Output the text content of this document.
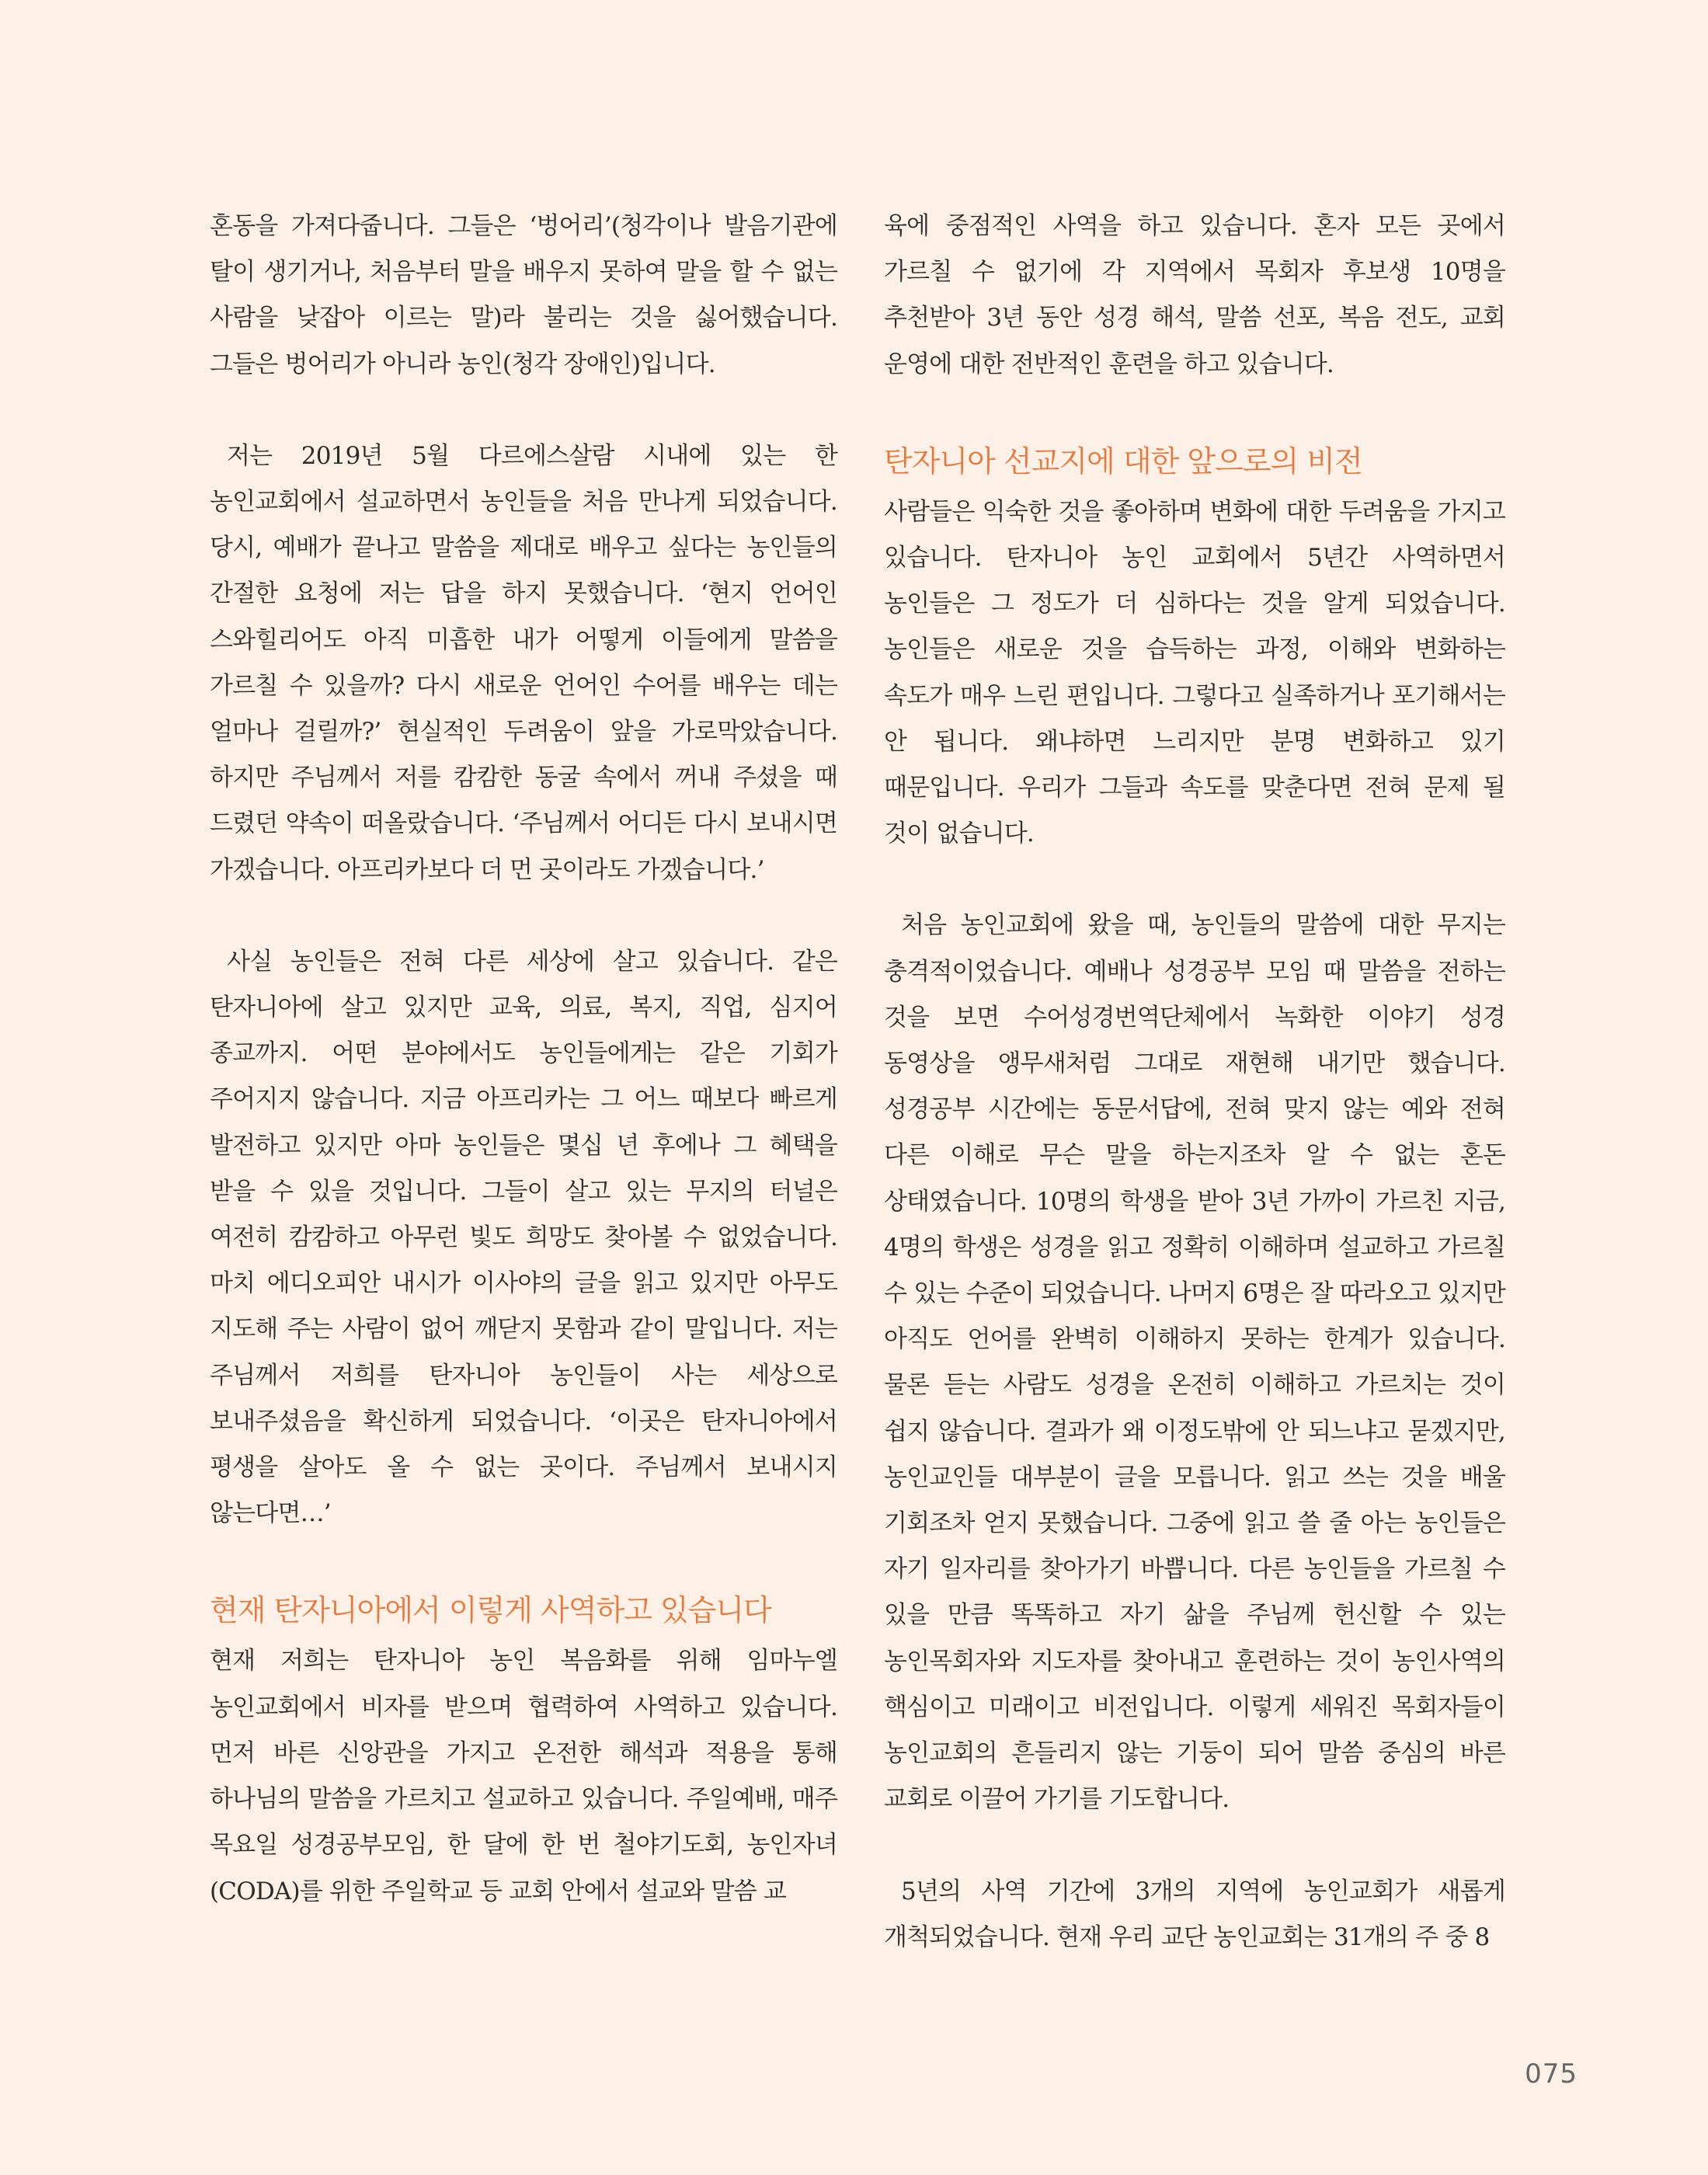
혼동을 가져다줍니다. 그들은 ‘벙어리’(청각이나 발음기관에 탈이 생기거나, 처음부터 말을 배우지 못하여 말을 할 수 없는 사람을 낮잡아 이르는 말)라 불리는 것을 싫어했습니다. 그들은 벙어리가 아니라 농인(청각 장애인)입니다.

저는 2019년 5월 다르에스살람 시내에 있는 한 농인교회에서 설교하면서 농인들을 처음 만나게 되었습니다. 당시, 예배가 끝나고 말씀을 제대로 배우고 싶다는 농인들의 간절한 요청에 저는 답을 하지 못했습니다. ‘현지 언어인 스와힐리어도 아직 미흡한 내가 어떻게 이들에게 말씀을 가르칠 수 있을까? 다시 새로운 언어인 수어를 배우는 데는 얼마나 걸릴까?’ 현실적인 두려움이 앞을 가로막았습니다. 하지만 주님께서 저를 캄캄한 동굴 속에서 꺼내 주셨을 때 드렸던 약속이 떠올랐습니다. ‘주님께서 어디든 다시 보내시면 가겠습니다. 아프리카보다 더 먼 곳이라도 가겠습니다.’

사실 농인들은 전혀 다른 세상에 살고 있습니다. 같은 탄자니아에 살고 있지만 교육, 의료, 복지, 직업, 심지어 종교까지. 어떤 분야에서도 농인들에게는 같은 기회가 주어지지 않습니다. 지금 아프리카는 그 어느 때보다 빠르게 발전하고 있지만 아마 농인들은 몇십 년 후에나 그 혜택을 받을 수 있을 것입니다. 그들이 살고 있는 무지의 터널은 여전히 캄캄하고 아무런 빛도 희망도 찾아볼 수 없었습니다. 마치 에디오피안 내시가 이사야의 글을 읽고 있지만 아무도 지도해 주는 사람이 없어 깨닫지 못함과 같이 말입니다. 저는 주님께서 저희를 탄자니아 농인들이 사는 세상으로 보내주셨음을 확신하게 되었습니다. ‘이곳은 탄자니아에서 평생을 살아도 올 수 없는 곳이다. 주님께서 보내시지 않는다면…’

현재 탄자니아에서 이렇게 사역하고 있습니다

현재 저희는 탄자니아 농인 복음화를 위해 임마누엘 농인교회에서 비자를 받으며 협력하여 사역하고 있습니다. 먼저 바른 신앙관을 가지고 온전한 해석과 적용을 통해 하나님의 말씀을 가르치고 설교하고 있습니다. 주일예배, 매주 목요일 성경공부모임, 한 달에 한 번 철야기도회, 농인자녀(CODA)를 위한 주일학교 등 교회 안에서 설교와 말씀 교

육에 중점적인 사역을 하고 있습니다. 혼자 모든 곳에서 가르칠 수 없기에 각 지역에서 목회자 후보생 10명을 추천받아 3년 동안 성경 해석, 말씀 선포, 복음 전도, 교회 운영에 대한 전반적인 훈련을 하고 있습니다.

탄자니아 선교지에 대한 앞으로의 비전

사람들은 익숙한 것을 좋아하며 변화에 대한 두려움을 가지고 있습니다. 탄자니아 농인 교회에서 5년간 사역하면서 농인들은 그 정도가 더 심하다는 것을 알게 되었습니다. 농인들은 새로운 것을 습득하는 과정, 이해와 변화하는 속도가 매우 느린 편입니다. 그렇다고 실족하거나 포기해서는 안 됩니다. 왜냐하면 느리지만 분명 변화하고 있기 때문입니다. 우리가 그들과 속도를 맞춘다면 전혀 문제 될 것이 없습니다.

처음 농인교회에 왔을 때, 농인들의 말씀에 대한 무지는 충격적이었습니다. 예배나 성경공부 모임 때 말씀을 전하는 것을 보면 수어성경번역단체에서 녹화한 이야기 성경 동영상을 앵무새처럼 그대로 재현해 내기만 했습니다. 성경공부 시간에는 동문서답에, 전혀 맞지 않는 예와 전혀 다른 이해로 무슨 말을 하는지조차 알 수 없는 혼돈 상태였습니다. 10명의 학생을 받아 3년 가까이 가르친 지금, 4명의 학생은 성경을 읽고 정확히 이해하며 설교하고 가르칠 수 있는 수준이 되었습니다. 나머지 6명은 잘 따라오고 있지만 아직도 언어를 완벽히 이해하지 못하는 한계가 있습니다. 물론 듣는 사람도 성경을 온전히 이해하고 가르치는 것이 쉽지 않습니다. 결과가 왜 이정도밖에 안 되느냐고 묻겠지만, 농인교인들 대부분이 글을 모릅니다. 읽고 쓰는 것을 배울 기회조차 얻지 못했습니다. 그중에 읽고 쓸 줄 아는 농인들은 자기 일자리를 찾아가기 바쁩니다. 다른 농인들을 가르칠 수 있을 만큼 똑똑하고 자기 삶을 주님께 헌신할 수 있는 농인목회자와 지도자를 찾아내고 훈련하는 것이 농인사역의 핵심이고 미래이고 비전입니다. 이렇게 세워진 목회자들이 농인교회의 흔들리지 않는 기둥이 되어 말씀 중심의 바른 교회로 이끌어 가기를 기도합니다.

5년의 사역 기간에 3개의 지역에 농인교회가 새롭게 개척되었습니다. 현재 우리 교단 농인교회는 31개의 주 중 8

075
